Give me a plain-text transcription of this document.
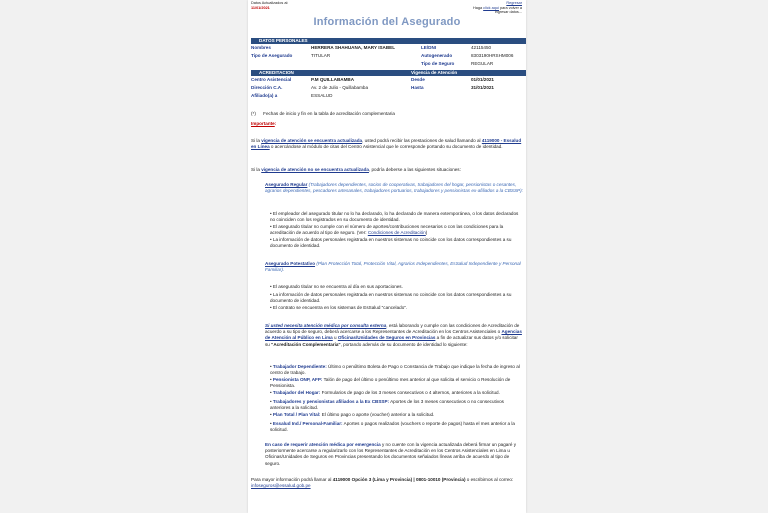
Datos Actualizados al:
11/01/2021
Regresar
Haga click aquí para volver a
ingresar datos...
Información del Asegurado
DATOS PERSONALES
Nombres	HERRERA SHAHUANA, MARY ISABEL	LE/DNI	42115450
Tipo de Asegurado	TITULAR	Autogenerado	8303190HRSHM006
Tipo de Seguro	REGULAR
ACREDITACION	Vigencia de Atención
Centro Asistencial	P.M QUILLABAMBA	Desde	01/01/2021
Dirección C.A.	Av. 2 de Julio - Quillabamba	Hasta	31/01/2021
Afiliado(a) a	ESSALUD
(*) Fechas de inicio y fin en la tabla de acreditación complementaria
Importante:
Si la vigencia de atención se encuentra actualizada, usted podrá recibir las prestaciones de salud llamando al 4119000 - Essalud en Línea o acercándose al módulo de citas del Centro Asistencial que le corresponde portando su documento de identidad.
Si la vigencia de atención no se encuentra actualizada, podría deberse a las siguientes situaciones:
Asegurado Regular (Trabajadores dependientes, socios de cooperativas, trabajadores del hogar, pensionistas o cesantes, agrarios dependientes, pescadores artesanales, trabajadores portuarios, trabajadores y pensionistas ex-afiliados a la CBSSP):
• El empleador del asegurado titular no lo ha declarado, lo ha declarado de manera extemporánea, o los datos declarados no coinciden con los registrados en su documento de identidad.
• El asegurado titular no cumple con el número de aportes/contribuciones necesarios o con las condiciones para la acreditación de acuerdo al tipo de seguro. (Ver: Condiciones de Acreditación)
• La información de datos personales registrada en nuestros sistemas no coincide con los datos correspondientes a su documento de identidad.
Asegurado Potestativo (Plan Protección Total, Protección Vital, Agrarios Independientes, EsSalud Independiente y Personal Familiar).
• El asegurado titular no se encuentra al día en sus aportaciones.
• La información de datos personales registrada en nuestros sistemas no coincide con los datos correspondientes a su documento de identidad.
• El contrato se encuentra en los sistemas de EsSalud "cancelado".
Si usted necesita atención médica por consulta externa, está laborando y cumple con las condiciones de Acreditación de acuerdo a su tipo de seguro, deberá acercarse a los Representantes de Acreditación en los Centros Asistenciales o Agencias de Atención al Público en Lima u Oficinas/Unidades de Seguros en Provincias a fin de actualizar sus datos y/o solicitar su "Acreditación Complementaria", portando además de su documento de identidad lo siguiente:
• Trabajador Dependiente: Último o penúltimo Boleta de Pago o Constancia de Trabajo que indique la fecha de ingreso al centro de trabajo.
• Pensionista ONP, AFP: Talón de pago del último o penúltimo mes anterior al que solicita el servicio o Resolución de Pensionista.
• Trabajador del Hogar: Formularios de pago de los 3 meses consecutivos o 4 alternos, anteriores a la solicitud.
• Trabajadores y pensionistas afiliados a la Ex CBSSP: Aportes de los 3 meses consecutivos o no consecutivos anteriores a la solicitud.
• Plan Total / Plan Vital: El último pago o aporte (voucher) anterior a la solicitud.
• Essalud Ind./ Personal-Familiar: Aportes o pagos realizados (vouchers o reporte de pagos) hasta el mes anterior a la solicitud.
En caso de requerir atención médica por emergencia y no cuente con la vigencia actualizada deberá firmar un pagaré y posteriormente acercarse a regularizarlo con los Representantes de Acreditación en los Centros Asistenciales en Lima u Oficinas/Unidades de Seguros en Provincias presentando los documentos señalados líneas arriba de acuerdo al tipo de seguro.
Para mayor información podrá llamar al 4119000 Opción 3 (Lima y Provincia) | 0801-10010 (Provincia) o escribirnos al correo: infoseguros@essalud.gob.pe
